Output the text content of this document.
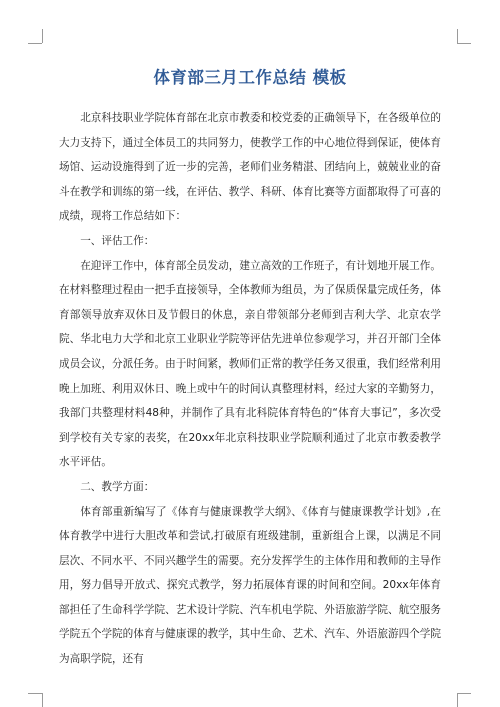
体育部三月工作总结 模板

北京科技职业学院体育部在北京市教委和校党委的正确领导下，在各级单位的大力支持下，通过全体员工的共同努力，使教学工作的中心地位得到保证，使体育场馆、运动设施得到了近一步的完善，老师们业务精湛、团结向上，兢兢业业的奋斗在教学和训练的第一线，在评估、教学、科研、体育比赛等方面都取得了可喜的成绩，现将工作总结如下：

一、评估工作：

在迎评工作中，体育部全员发动，建立高效的工作班子，有计划地开展工作。在材料整理过程由一把手直接领导，全体教师为组员，为了保质保量完成任务，体育部领导放弃双休日及节假日的休息，亲自带领部分老师到吉利大学、北京农学院、华北电力大学和北京工业职业学院等评估先进单位参观学习，并召开部门全体成员会议，分派任务。由于时间紧，教师们正常的教学任务又很重，我们经常利用晚上加班、利用双休日、晚上或中午的时间认真整理材料，经过大家的辛勤努力，我部门共整理材料48种，并制作了具有北科院体育特色的“体育大事记”，多次受到学校有关专家的表奖，在20xx年北京科技职业学院顺利通过了北京市教委教学水平评估。

二、教学方面：

体育部重新编写了《体育与健康课教学大纲》、《体育与健康课教学计划》,在体育教学中进行大胆改革和尝试,打破原有班级建制，重新组合上课，以满足不同层次、不同水平、不同兴趣学生的需要。充分发挥学生的主体作用和教师的主导作用，努力倡导开放式、探究式教学，努力拓展体育课的时间和空间。20xx年体育部担任了生命科学学院、艺术设计学院、汽车机电学院、外语旅游学院、航空服务学院五个学院的体育与健康课的教学，其中生命、艺术、汽车、外语旅游四个学院为高职学院，还有
